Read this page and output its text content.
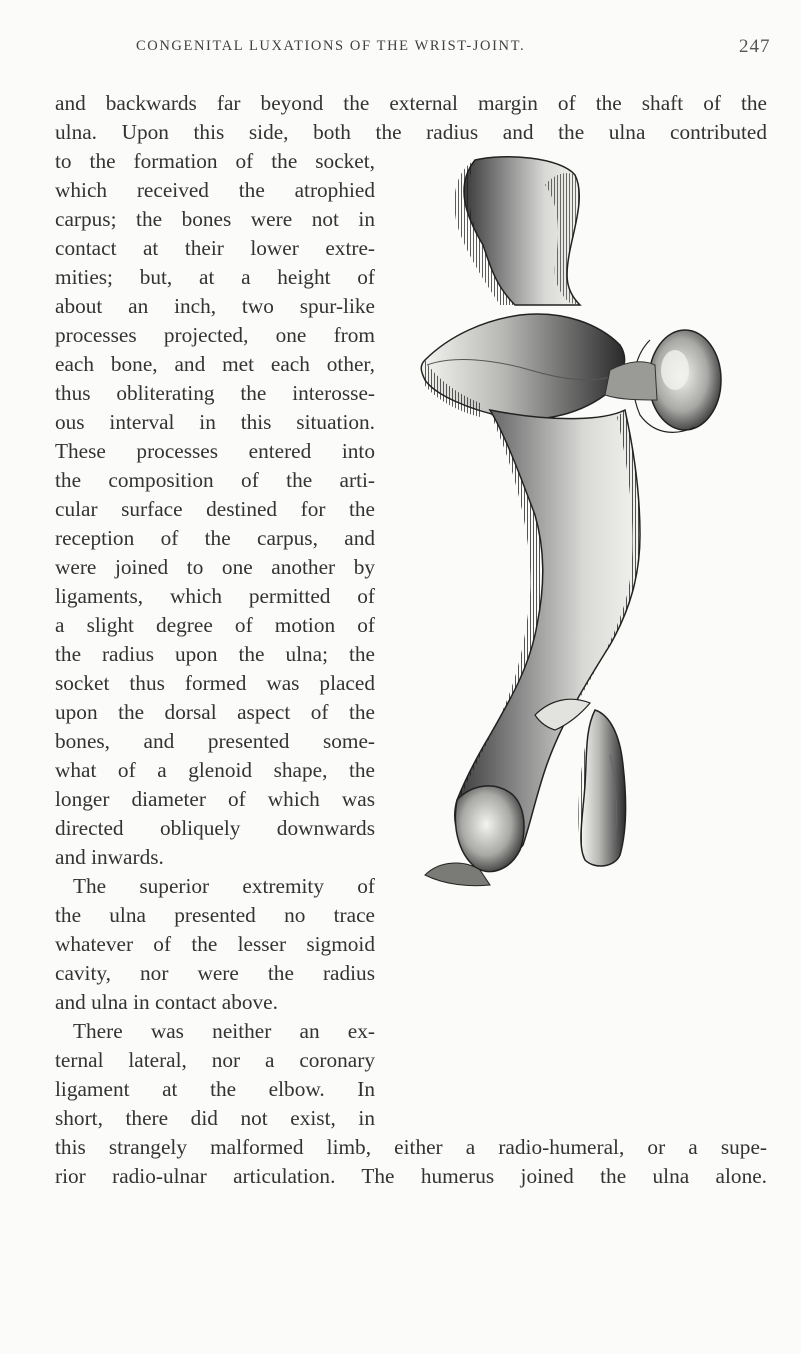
CONGENITAL LUXATIONS OF THE WRIST-JOINT.	247
and backwards far beyond the external margin of the shaft of the
ulna. Upon this side, both the radius and the ulna contributed
to the formation of the socket,
which received the atrophied
carpus; the bones were not in
contact at their lower extre-
mities; but, at a height of
about an inch, two spur-like
processes projected, one from
each bone, and met each other,
thus obliterating the interosse-
ous interval in this situation.
These processes entered into
the composition of the arti-
cular surface destined for the
reception of the carpus, and
were joined to one another by
ligaments, which permitted of
a slight degree of motion of
the radius upon the ulna; the
socket thus formed was placed
upon the dorsal aspect of the
bones, and presented some-
what of a glenoid shape, the
longer diameter of which was
directed obliquely downwards
and inwards.
The superior extremity of
the ulna presented no trace
whatever of the lesser sigmoid
cavity, nor were the radius
and ulna in contact above.
There was neither an ex-
ternal lateral, nor a coronary
ligament at the elbow. In
short, there did not exist, in
this strangely malformed limb, either a radio-humeral, or a supe-
rior radio-ulnar articulation. The humerus joined the ulna alone.
